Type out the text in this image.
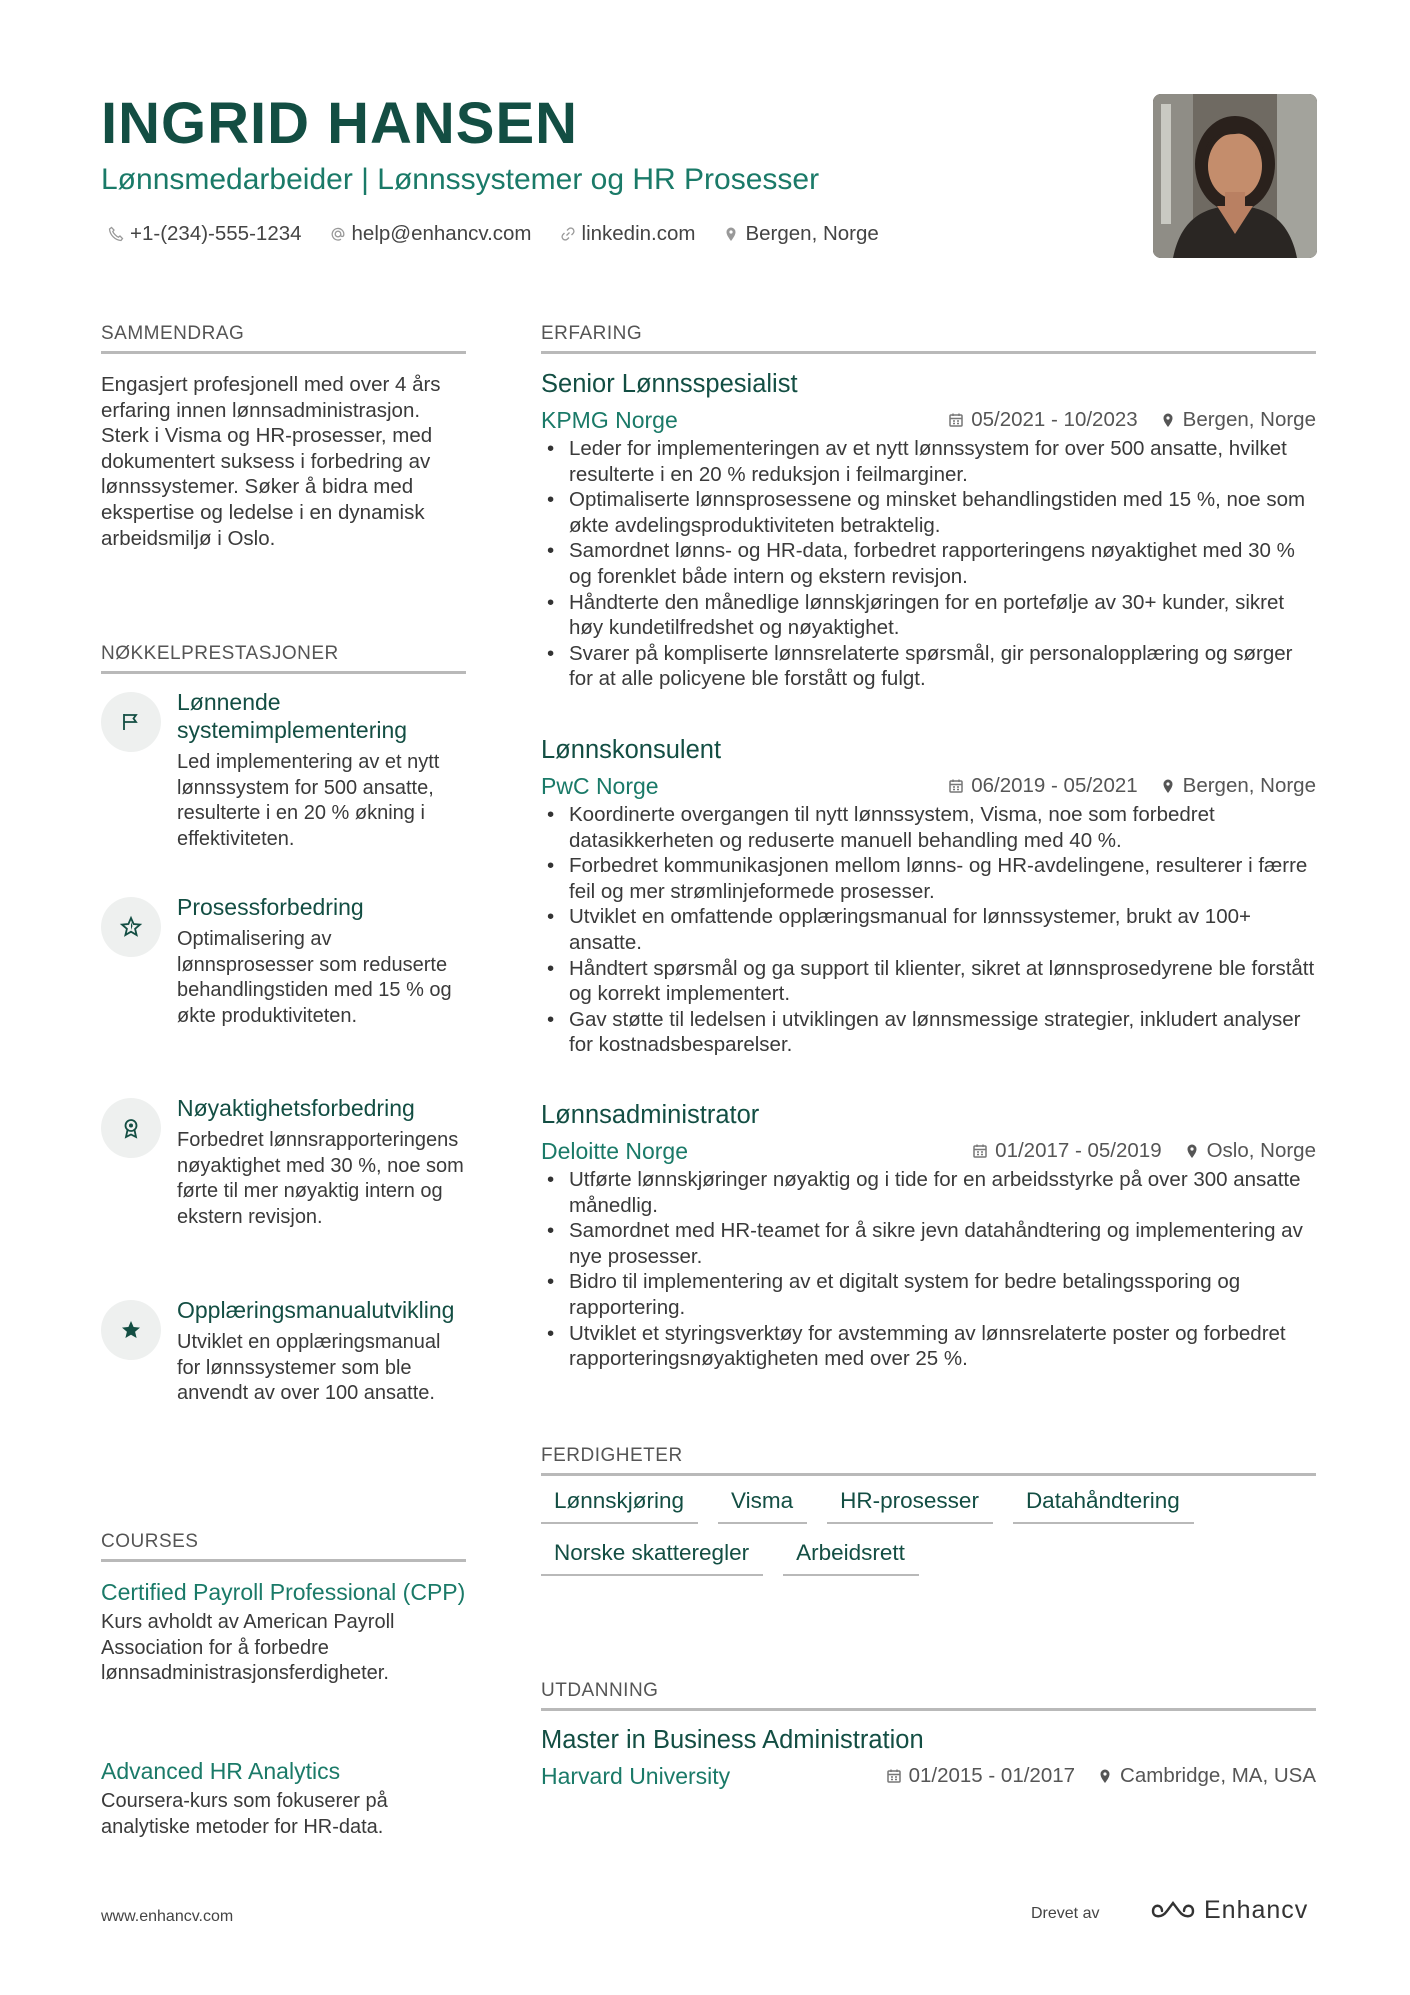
INGRID HANSEN
Lønnsmedarbeider | Lønnssystemer og HR Prosesser
+1-(234)-555-1234 help@enhancv.com linkedin.com Bergen, Norge
SAMMENDRAG
Engasjert profesjonell med over 4 års erfaring innen lønnsadministrasjon. Sterk i Visma og HR-prosesser, med dokumentert suksess i forbedring av lønnssystemer. Søker å bidra med ekspertise og ledelse i en dynamisk arbeidsmiljø i Oslo.
NØKKELPRESTASJONER
Lønnende systemimplementering
Led implementering av et nytt lønnssystem for 500 ansatte, resulterte i en 20 % økning i effektiviteten.
Prosessforbedring
Optimalisering av lønnsprosesser som reduserte behandlingstiden med 15 % og økte produktiviteten.
Nøyaktighetsforbedring
Forbedret lønnsrapporteringens nøyaktighet med 30 %, noe som førte til mer nøyaktig intern og ekstern revisjon.
Opplæringsmanualutvikling
Utviklet en opplæringsmanual for lønnssystemer som ble anvendt av over 100 ansatte.
COURSES
Certified Payroll Professional (CPP)
Kurs avholdt av American Payroll Association for å forbedre lønnsadministrasjonsferdigheter.
Advanced HR Analytics
Coursera-kurs som fokuserer på analytiske metoder for HR-data.
ERFARING
Senior Lønnsspesialist
KPMG Norge	05/2021 - 10/2023 Bergen, Norge
• Leder for implementeringen av et nytt lønnssystem for over 500 ansatte, hvilket resulterte i en 20 % reduksjon i feilmarginer.
• Optimaliserte lønnsprosessene og minsket behandlingstiden med 15 %, noe som økte avdelingsproduktiviteten betraktelig.
• Samordnet lønns- og HR-data, forbedret rapporteringens nøyaktighet med 30 % og forenklet både intern og ekstern revisjon.
• Håndterte den månedlige lønnskjøringen for en portefølje av 30+ kunder, sikret høy kundetilfredshet og nøyaktighet.
• Svarer på kompliserte lønnsrelaterte spørsmål, gir personalopplæring og sørger for at alle policyene ble forstått og fulgt.
Lønnskonsulent
PwC Norge	06/2019 - 05/2021 Bergen, Norge
• Koordinerte overgangen til nytt lønnssystem, Visma, noe som forbedret datasikkerheten og reduserte manuell behandling med 40 %.
• Forbedret kommunikasjonen mellom lønns- og HR-avdelingene, resulterer i færre feil og mer strømlinjeformede prosesser.
• Utviklet en omfattende opplæringsmanual for lønnssystemer, brukt av 100+ ansatte.
• Håndtert spørsmål og ga support til klienter, sikret at lønnsprosedyrene ble forstått og korrekt implementert.
• Gav støtte til ledelsen i utviklingen av lønnsmessige strategier, inkludert analyser for kostnadsbesparelser.
Lønnsadministrator
Deloitte Norge	01/2017 - 05/2019 Oslo, Norge
• Utførte lønnskjøringer nøyaktig og i tide for en arbeidsstyrke på over 300 ansatte månedlig.
• Samordnet med HR-teamet for å sikre jevn datahåndtering og implementering av nye prosesser.
• Bidro til implementering av et digitalt system for bedre betalingssporing og rapportering.
• Utviklet et styringsverktøy for avstemming av lønnsrelaterte poster og forbedret rapporteringsnøyaktigheten med over 25 %.
FERDIGHETER
Lønnskjøring	Visma	HR-prosesser	Datahåndtering
Norske skatteregler	Arbeidsrett
UTDANNING
Master in Business Administration
Harvard University	01/2015 - 01/2017 Cambridge, MA, USA
www.enhancv.com	Drevet av	Enhancv
